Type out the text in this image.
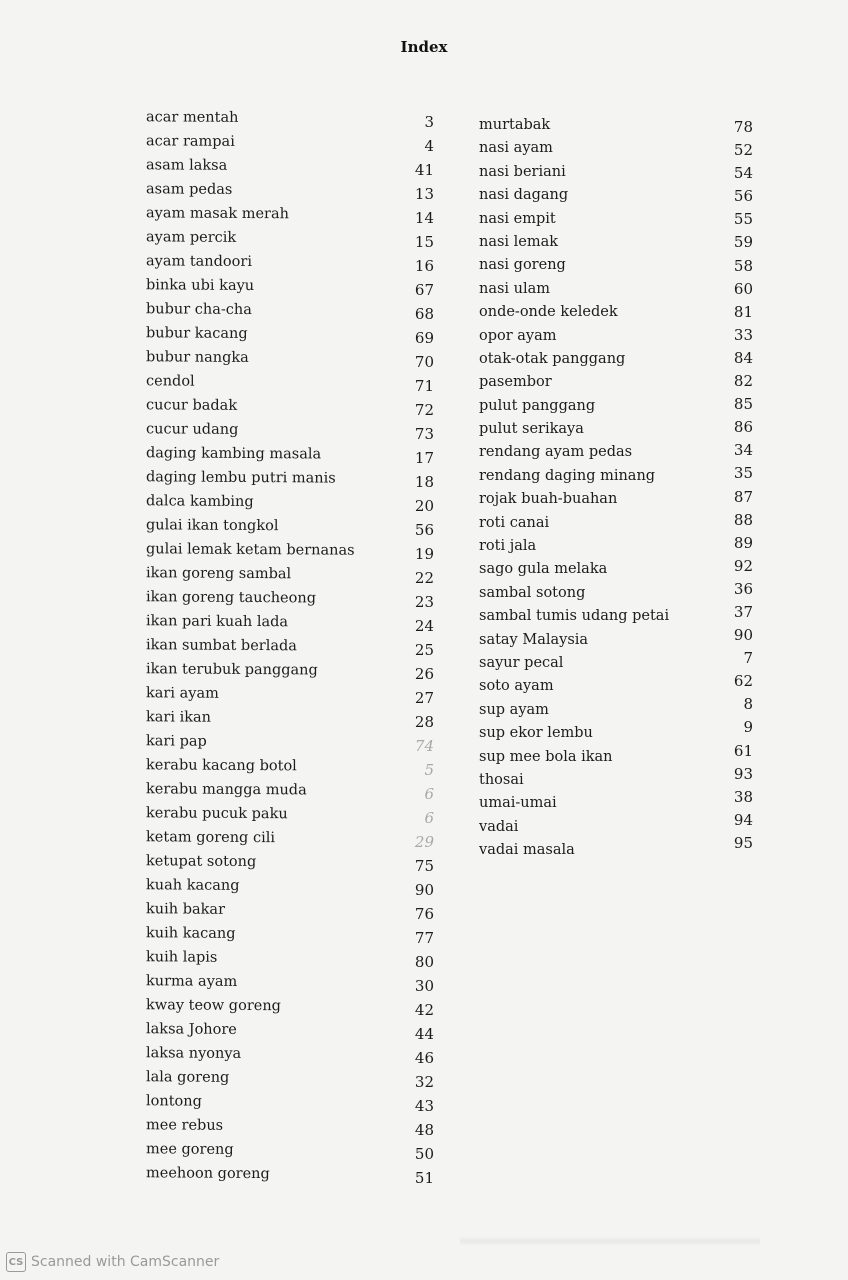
Index
acar mentah
acar rampai
asam laksa
asam pedas
ayam masak merah
ayam percik
ayam tandoori
binka ubi kayu
bubur cha-cha
bubur kacang
bubur nangka
cendol
cucur badak
cucur udang
daging kambing masala
daging lembu putri manis
dalca kambing
gulai ikan tongkol
gulai lemak ketam bernanas
ikan goreng sambal
ikan goreng taucheong
ikan pari kuah lada
ikan sumbat berlada
ikan terubuk panggang
kari ayam
kari ikan
kari pap
kerabu kacang botol
kerabu mangga muda
kerabu pucuk paku
ketam goreng cili
ketupat sotong
kuah kacang
kuih bakar
kuih kacang
kuih lapis
kurma ayam
kway teow goreng
laksa Johore
laksa nyonya
lala goreng
lontong
mee rebus
mee goreng
meehoon goreng
3
4
41
13
14
15
16
67
68
69
70
71
72
73
17
18
20
56
19
22
23
24
25
26
27
28
74
5
6
6
29
75
90
76
77
80
30
42
44
46
32
43
48
50
51
murtabak
nasi ayam
nasi beriani
nasi dagang
nasi empit
nasi lemak
nasi goreng
nasi ulam
onde-onde keledek
opor ayam
otak-otak panggang
pasembor
pulut panggang
pulut serikaya
rendang ayam pedas
rendang daging minang
rojak buah-buahan
roti canai
roti jala
sago gula melaka
sambal sotong
sambal tumis udang petai
satay Malaysia
sayur pecal
soto ayam
sup ayam
sup ekor lembu
sup mee bola ikan
thosai
umai-umai
vadai
vadai masala
78
52
54
56
55
59
58
60
81
33
84
82
85
86
34
35
87
88
89
92
36
37
90
7
62
8
9
61
93
38
94
95
CS Scanned with CamScanner
